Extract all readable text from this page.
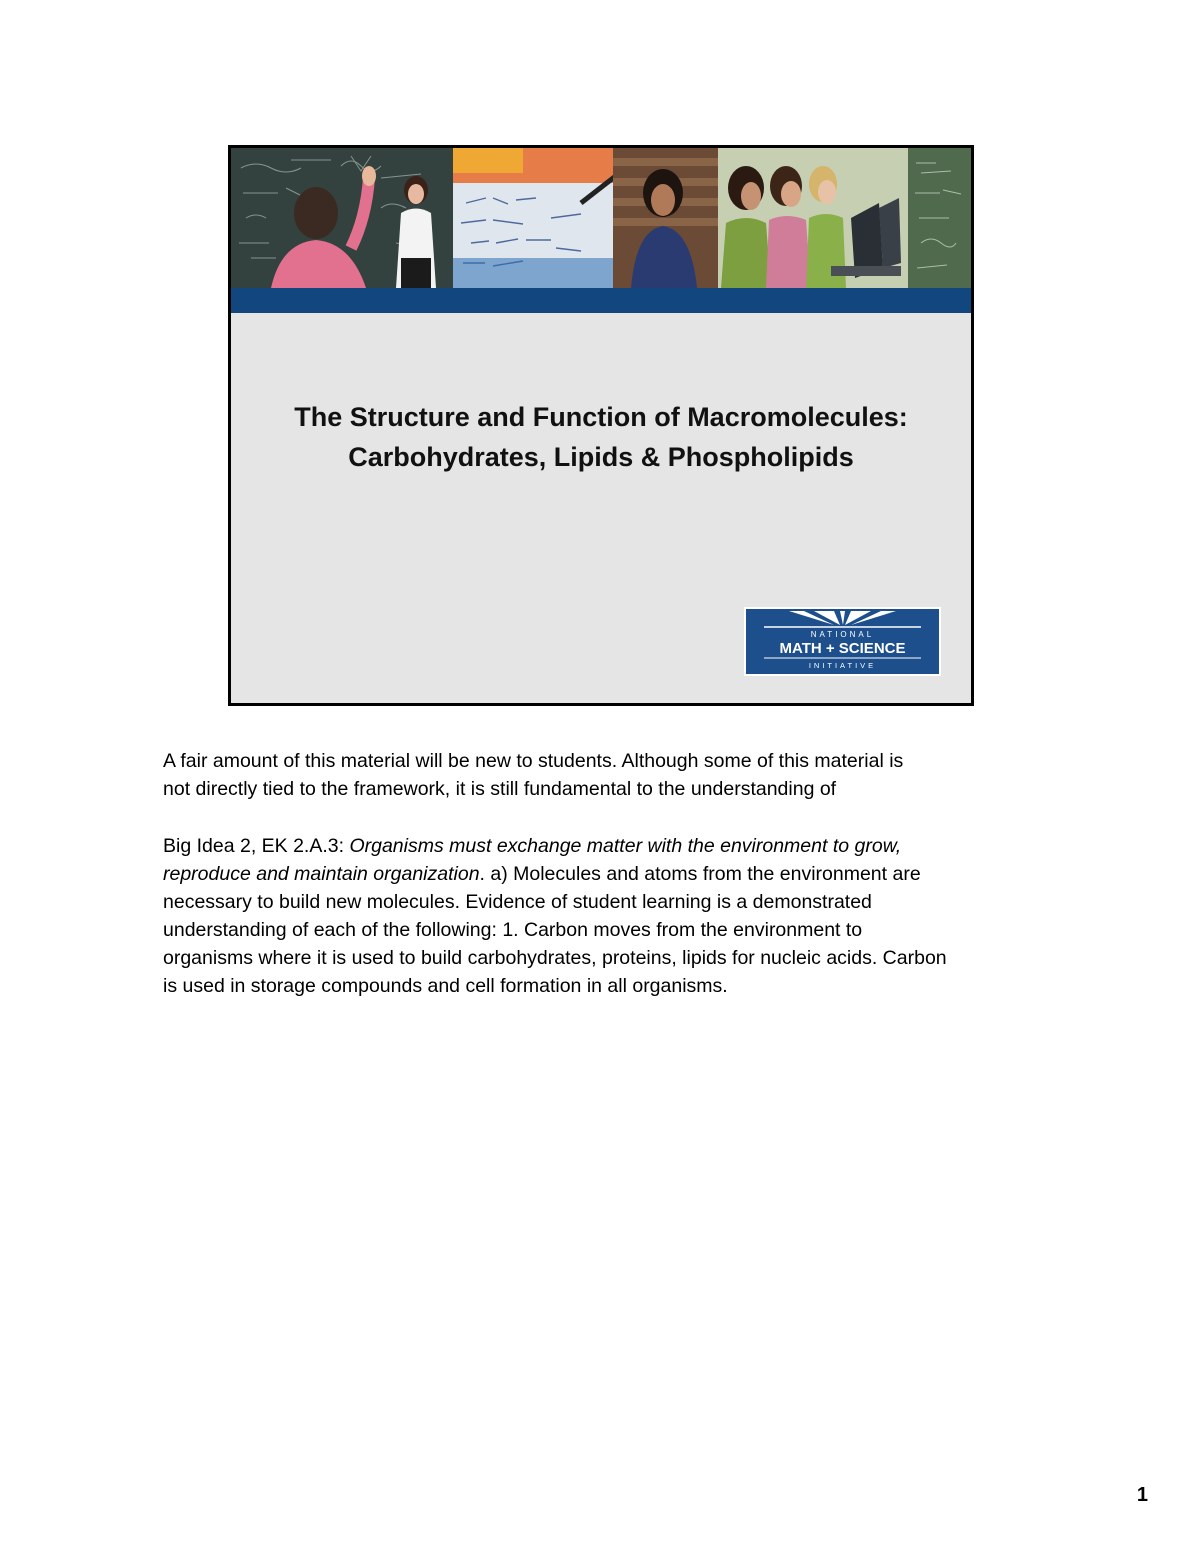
The Structure and Function of Macromolecules:
Carbohydrates, Lipids & Phospholipids
NATIONAL
MATH + SCIENCE
INITIATIVE
A fair amount of this material will be new to students. Although some of this material is
not directly tied to the framework, it is still fundamental to the understanding of
Big Idea 2, EK 2.A.3: Organisms must exchange matter with the environment to grow,
reproduce and maintain organization. a) Molecules and atoms from the environment are
necessary to build new molecules. Evidence of student learning is a demonstrated
understanding of each of the following: 1. Carbon moves from the environment to
organisms where it is used to build carbohydrates, proteins, lipids for nucleic acids. Carbon
is used in storage compounds and cell formation in all organisms.
1
